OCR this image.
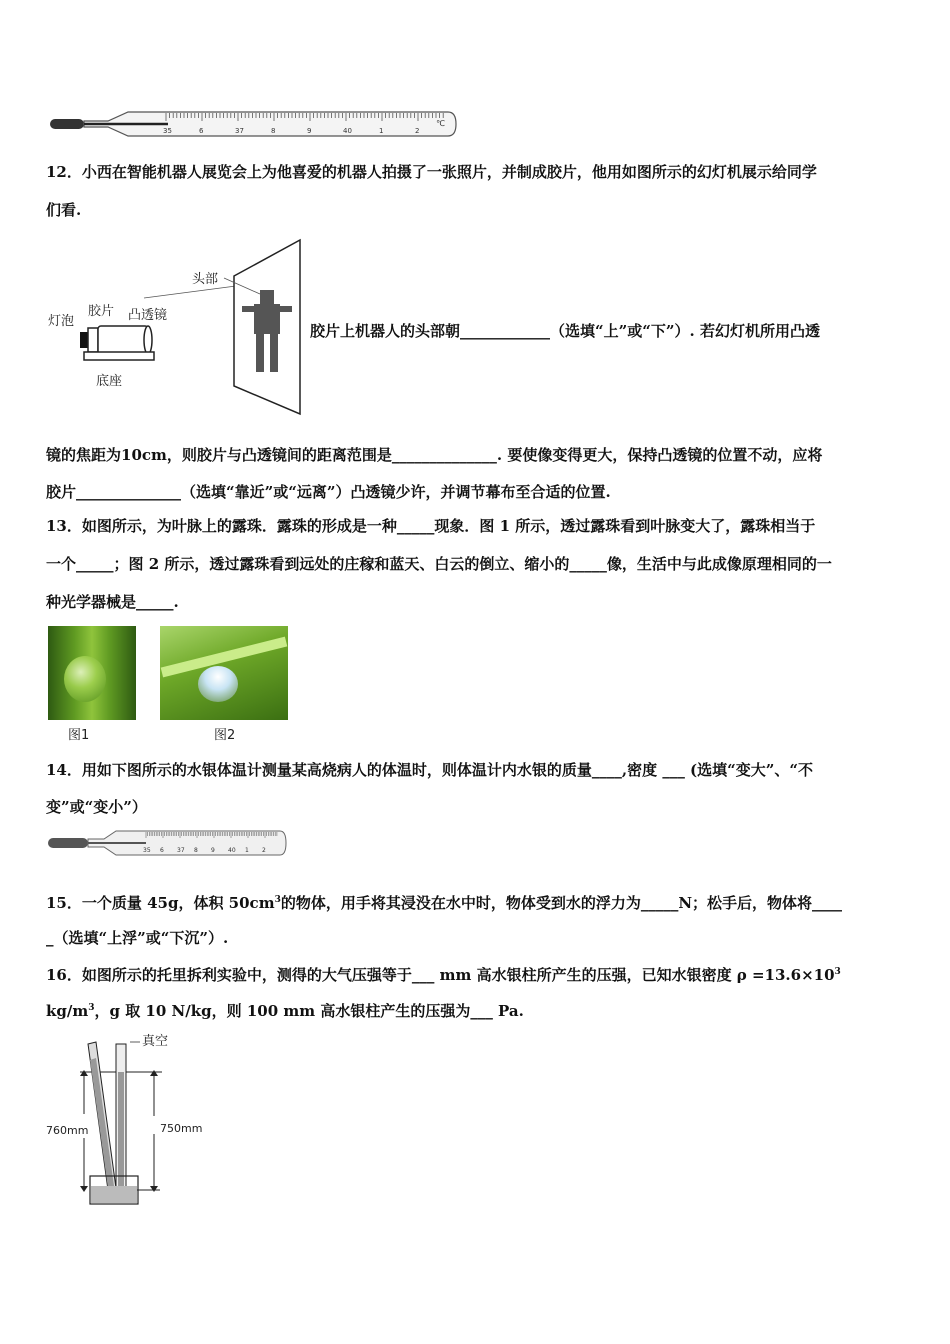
35	6	37	8	9	40	1	2
℃
12．小西在智能机器人展览会上为他喜爱的机器人拍摄了一张照片，并制成胶片，他用如图所示的幻灯机展示给同学
们看.
灯泡
胶片 凸透镜
底座
头部
胶片上机器人的头部朝____________（选填“上”或“下”）. 若幻灯机所用凸透
镜的焦距为10cm，则胶片与凸透镜间的距离范围是______________. 要使像变得更大，保持凸透镜的位置不动，应将
胶片______________（选填“靠近”或“远离”）凸透镜少许，并调节幕布至合适的位置.
13．如图所示，为叶脉上的露珠．露珠的形成是一种_____现象．图 1 所示，透过露珠看到叶脉变大了，露珠相当于
一个_____；图 2 所示，透过露珠看到远处的庄稼和蓝天、白云的倒立、缩小的_____像，生活中与此成像原理相同的一
种光学器械是_____.
图1	图2
14．用如下图所示的水银体温计测量某高烧病人的体温时，则体温计内水银的质量____,密度 ___ (选填“变大”、“不
变”或“变小”）
35 6 37 8 9 40 1 2
15．一个质量 45g，体积 $50cm^3$的物体，用手将其浸没在水中时，物体受到水的浮力为_____N；松手后，物体将____
_（选填“上浮”或“下沉”）.
16．如图所示的托里拆利实验中，测得的大气压强等于___ mm 高水银柱所产生的压强，已知水银密度 $\rho =13.6\times 10^3$
$kg/m^3$，g 取 10 N/kg，则 100 mm 高水银柱产生的压强为___ Pa.
真空
760mm	750mm
